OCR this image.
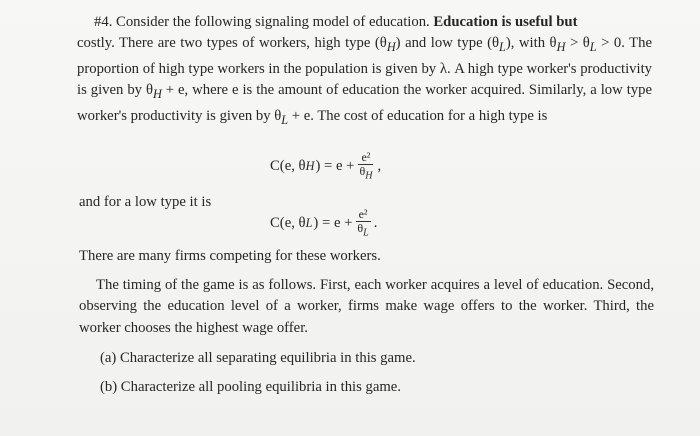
#4. Consider the following signaling model of education. Education is useful but
costly. There are two types of workers, high type $(\theta_H)$ and low type $(\theta_L)$, with $\theta_H > \theta_L > 0$. The proportion of high type workers in the population is given by λ. A high type worker's productivity is given by $\theta_H + e$, where e is the amount of education the worker acquired. Similarly, a low type worker's productivity is given by $\theta_L + e$. The cost of education for a high type is
C(e, θ H ) = $e + \frac{\text{e²}}{\theta_H}$ ,
and for a low type it is
C(e, θ L ) = $e + \frac{\text{e²}}{\theta_L}$ .
There are many firms competing for these workers.
The timing of the game is as follows. First, each worker acquires a level of education. Second, observing the education level of a worker, firms make wage offers to the worker. Third, the worker chooses the highest wage offer.
(a) Characterize all separating equilibria in this game.
(b) Characterize all pooling equilibria in this game.
